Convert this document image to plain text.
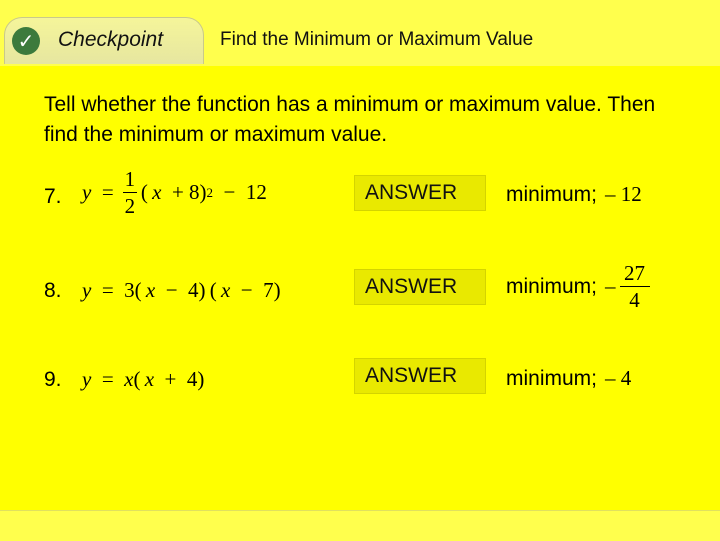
✓ Checkpoint	Find the Minimum or Maximum Value
Tell whether the function has a minimum or maximum value. Then find the minimum or maximum value.
7. $y = \frac{1}{2}$ (  x + 8) 2 −  12	ANSWER	minimum; – 12
8. y =  3(  x −  4) (  x −  7)	ANSWER	minimum; – $\frac{27}{4}$
9. y = x (  x +  4)	ANSWER	minimum; – 4
